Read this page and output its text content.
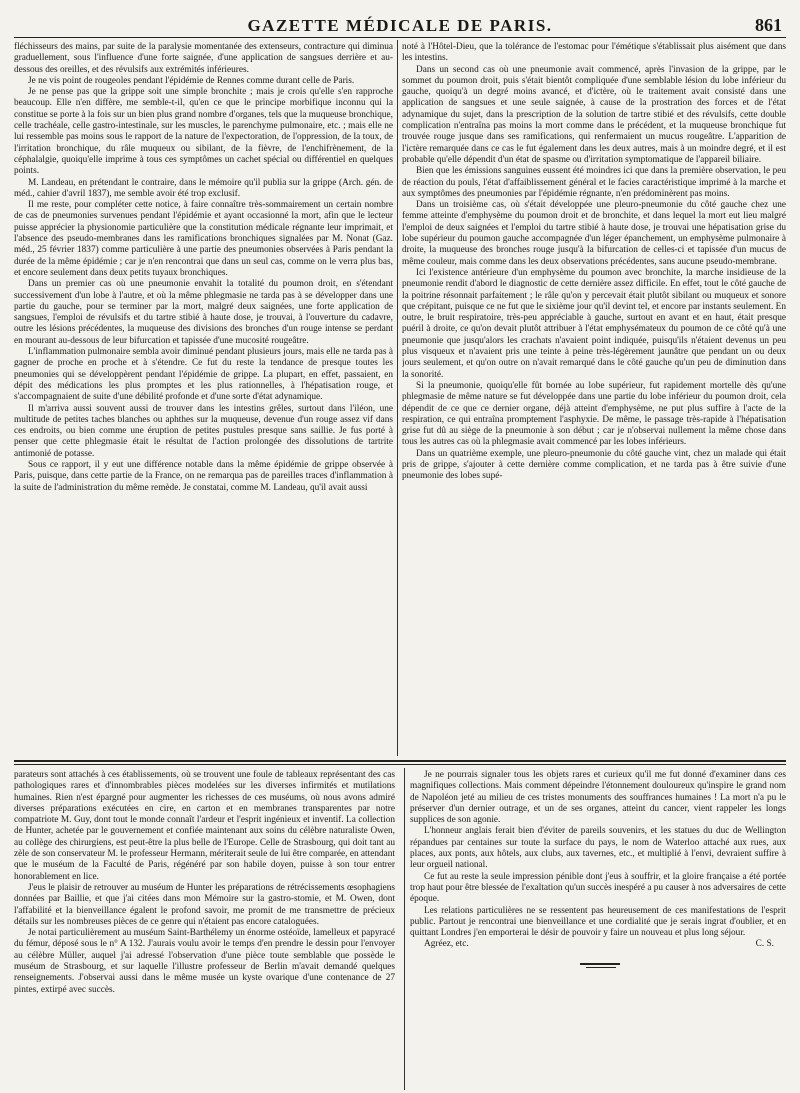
GAZETTE MÉDICALE DE PARIS.	861

fléchisseurs des mains, par suite de la paralysie momentanée des extenseurs, contracture qui diminua graduellement, sous l'influence d'une forte saignée, d'une application de sangsues derrière et au-dessous des oreilles, et des révulsifs aux extrémités inférieures.

Je ne vis point de rougeoles pendant l'épidémie de Rennes comme durant celle de Paris.

Je ne pense pas que la grippe soit une simple bronchite ; mais je crois qu'elle s'en rapproche beaucoup. Elle n'en diffère, me semble-t-il, qu'en ce que le principe morbifique inconnu qui la constitue se porte à la fois sur un bien plus grand nombre d'organes, tels que la muqueuse bronchique, celle trachéale, celle gastro-intestinale, sur les muscles, le parenchyme pulmonaire, etc. ; mais elle ne lui ressemble pas moins sous le rapport de la nature de l'expectoration, de l'oppression, de la toux, de l'irritation bronchique, du râle muqueux ou sibilant, de la fièvre, de l'enchifrènement, de la céphalalgie, quoiqu'elle imprime à tous ces symptômes un cachet spécial ou différentiel en quelques points.

M. Landeau, en prétendant le contraire, dans le mémoire qu'il publia sur la grippe (Arch. gén. de méd., cahier d'avril 1837), me semble avoir été trop exclusif.

Il me reste, pour compléter cette notice, à faire connaître très-sommairement un certain nombre de cas de pneumonies survenues pendant l'épidémie et ayant occasionné la mort, afin que le lecteur puisse apprécier la physionomie particulière que la constitution médicale régnante leur imprimait, et l'absence des pseudo-membranes dans les ramifications bronchiques signalées par M. Nonat (Gaz. méd., 25 février 1837) comme particulière à une partie des pneumonies observées à Paris pendant la durée de la même épidémie ; car je n'en rencontrai que dans un seul cas, comme on le verra plus bas, et encore seulement dans deux petits tuyaux bronchiques.

Dans un premier cas où une pneumonie envahit la totalité du poumon droit, en s'étendant successivement d'un lobe à l'autre, et où la même phlegmasie ne tarda pas à se développer dans une partie du gauche, pour se terminer par la mort, malgré deux saignées, une forte application de sangsues, l'emploi de révulsifs et du tartre stibié à haute dose, je trouvai, à l'ouverture du cadavre, outre les lésions précédentes, la muqueuse des divisions des bronches d'un rouge intense se perdant en mourant au-dessous de leur bifurcation et tapissée d'une mucosité rougeâtre.

L'inflammation pulmonaire sembla avoir diminué pendant plusieurs jours, mais elle ne tarda pas à gagner de proche en proche et à s'étendre. Ce fut du reste la tendance de presque toutes les pneumonies qui se développèrent pendant l'épidémie de grippe. La plupart, en effet, passaient, en dépit des médications les plus promptes et les plus rationnelles, à l'hépatisation rouge, et s'accompagnaient de suite d'une débilité profonde et d'une sorte d'état adynamique.

Il m'arriva aussi souvent aussi de trouver dans les intestins grêles, surtout dans l'iléon, une multitude de petites taches blanches ou aphthes sur la muqueuse, devenue d'un rouge assez vif dans ces endroits, ou bien comme une éruption de petites pustules presque sans saillie. Je fus porté à penser que cette phlegmasie était le résultat de l'action prolongée des dissolutions de tartrite antimonié de potasse.

Sous ce rapport, il y eut une différence notable dans la même épidémie de grippe observée à Paris, puisque, dans cette partie de la France, on ne remarqua pas de pareilles traces d'inflammation à la suite de l'administration du même remède. Je constatai, comme M. Landeau, qu'il avait aussi

noté à l'Hôtel-Dieu, que la tolérance de l'estomac pour l'émétique s'établissait plus aisément que dans les intestins.

Dans un second cas où une pneumonie avait commencé, après l'invasion de la grippe, par le sommet du poumon droit, puis s'était bientôt compliquée d'une semblable lésion du lobe inférieur du gauche, quoiqu'à un degré moins avancé, et d'ictère, où le traitement avait consisté dans une application de sangsues et une seule saignée, à cause de la prostration des forces et de l'état adynamique du sujet, dans la prescription de la solution de tartre stibié et des révulsifs, cette double complication n'entraîna pas moins la mort comme dans le précédent, et la muqueuse bronchique fut trouvée rouge jusque dans ses ramifications, qui renfermaient un mucus rougeâtre. L'apparition de l'ictère remarquée dans ce cas le fut également dans les deux autres, mais à un moindre degré, et il est probable qu'elle dépendit d'un état de spasme ou d'irritation symptomatique de l'appareil biliaire.

Bien que les émissions sanguines eussent été moindres ici que dans la première observation, le peu de réaction du pouls, l'état d'affaiblissement général et le facies caractéristique imprimé à la marche et aux symptômes des pneumonies par l'épidémie régnante, n'en prédominèrent pas moins.

Dans un troisième cas, où s'était développée une pleuro-pneumonie du côté gauche chez une femme atteinte d'emphysème du poumon droit et de bronchite, et dans lequel la mort eut lieu malgré l'emploi de deux saignées et l'emploi du tartre stibié à haute dose, je trouvai une hépatisation grise du lobe supérieur du poumon gauche accompagnée d'un léger épanchement, un emphysème pulmonaire à droite, la muqueuse des bronches rouge jusqu'à la bifurcation de celles-ci et tapissée d'un mucus de même couleur, mais comme dans les deux observations précédentes, sans aucune pseudo-membrane.

Ici l'existence antérieure d'un emphysème du poumon avec bronchite, la marche insidieuse de la pneumonie rendit d'abord le diagnostic de cette dernière assez difficile. En effet, tout le côté gauche de la poitrine résonnait parfaitement ; le râle qu'on y percevait était plutôt sibilant ou muqueux et sonore que crépitant, puisque ce ne fut que le sixième jour qu'il devint tel, et encore par instants seulement. En outre, le bruit respiratoire, très-peu appréciable à gauche, surtout en avant et en haut, était presque puéril à droite, ce qu'on devait plutôt attribuer à l'état emphysémateux du poumon de ce côté qu'à une pneumonie que jusqu'alors les crachats n'avaient point indiquée, puisqu'ils n'étaient devenus un peu plus visqueux et n'avaient pris une teinte à peine très-légèrement jaunâtre que pendant un ou deux jours seulement, et qu'on outre on n'avait remarqué dans le côté gauche qu'un peu de diminution dans la sonorité.

Si la pneumonie, quoiqu'elle fût bornée au lobe supérieur, fut rapidement mortelle dès qu'une phlegmasie de même nature se fut développée dans une partie du lobe inférieur du poumon droit, cela dépendit de ce que ce dernier organe, déjà atteint d'emphysème, ne put plus suffire à l'acte de la respiration, ce qui entraîna promptement l'asphyxie. De même, le passage très-rapide à l'hépatisation grise fut dû au siège de la pneumonie à son début ; car je n'observai nullement la même chose dans tous les autres cas où la phlegmasie avait commencé par les lobes inférieurs.

Dans un quatrième exemple, une pleuro-pneumonie du côté gauche vint, chez un malade qui était pris de grippe, s'ajouter à cette dernière comme complication, et ne tarda pas à être suivie d'une pneumonie des lobes supé-

parateurs sont attachés à ces établissements, où se trouvent une foule de tableaux représentant des cas pathologiques rares et d'innombrables pièces modelées sur les diverses infirmités et mutilations humaines. Rien n'est épargné pour augmenter les richesses de ces muséums, où nous avons admiré diverses préparations exécutées en cire, en carton et en membranes transparentes par notre compatriote M. Guy, dont tout le monde connaît l'ardeur et l'esprit ingénieux et inventif. La collection de Hunter, achetée par le gouvernement et confiée maintenant aux soins du célèbre naturaliste Owen, au collège des chirurgiens, est peut-être la plus belle de l'Europe. Celle de Strasbourg, qui doit tant au zèle de son conservateur M. le professeur Hermann, mériterait seule de lui être comparée, en attendant que le muséum de la Faculté de Paris, régénéré par son habile doyen, puisse à son tour entrer honorablement en lice.

J'eus le plaisir de retrouver au muséum de Hunter les préparations de rétrécissements œsophagiens données par Baillie, et que j'ai citées dans mon Mémoire sur la gastro-stomie, et M. Owen, dont l'affabilité et la bienveillance égalent le profond savoir, me promit de me transmettre de précieux détails sur les nombreuses pièces de ce genre qui n'étaient pas encore cataloguées.

Je notai particulièrement au muséum Saint-Barthélemy un énorme ostéoïde, lamelleux et papyracé du fémur, déposé sous le n° A 132. J'aurais voulu avoir le temps d'en prendre le dessin pour l'envoyer au célèbre Müller, auquel j'ai adressé l'observation d'une pièce toute semblable que possède le muséum de Strasbourg, et sur laquelle l'illustre professeur de Berlin m'avait demandé quelques renseignements. J'observai aussi dans le même musée un kyste ovarique d'une contenance de 27 pintes, extirpé avec succès.

Je ne pourrais signaler tous les objets rares et curieux qu'il me fut donné d'examiner dans ces magnifiques collections. Mais comment dépeindre l'étonnement douloureux qu'inspire le grand nom de Napoléon jeté au milieu de ces tristes monuments des souffrances humaines ! La mort n'a pu le préserver d'un dernier outrage, et un de ses organes, atteint du cancer, vient rappeler les longs supplices de son agonie.

L'honneur anglais ferait bien d'éviter de pareils souvenirs, et les statues du duc de Wellington répandues par centaines sur toute la surface du pays, le nom de Waterloo attaché aux rues, aux places, aux ponts, aux hôtels, aux clubs, aux tavernes, etc., et multiplié à l'envi, devraient suffire à leur orgueil national.

Ce fut au reste la seule impression pénible dont j'eus à souffrir, et la gloire française a été portée trop haut pour être blessée de l'exaltation qu'un succès inespéré a pu causer à nos adversaires de cette époque.

Les relations particulières ne se ressentent pas heureusement de ces manifestations de l'esprit public. Partout je rencontrai une bienveillance et une cordialité que je serais ingrat d'oublier, et en quittant Londres j'en emporterai le désir de pouvoir y faire un nouveau et plus long séjour.

Agréez, etc.	C. S.
